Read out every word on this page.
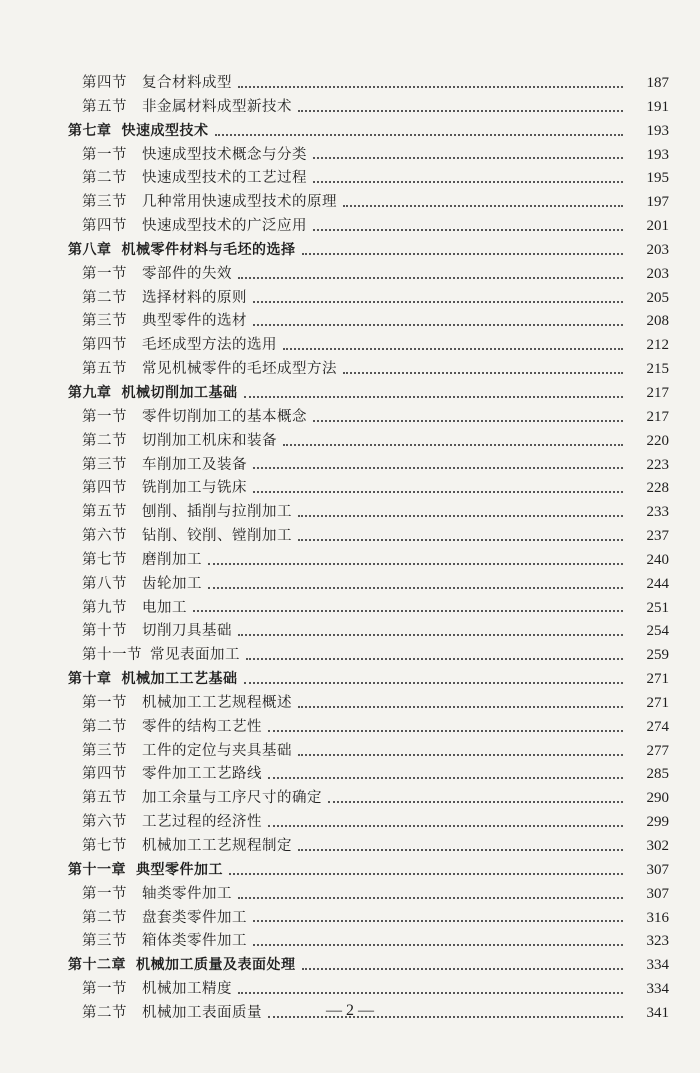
第四节	复合材料成型	187
第五节	非金属材料成型新技术	191
第七章 快速成型技术	193
第一节	快速成型技术概念与分类	193
第二节	快速成型技术的工艺过程	195
第三节	几种常用快速成型技术的原理	197
第四节	快速成型技术的广泛应用	201
第八章 机械零件材料与毛坯的选择	203
第一节	零部件的失效	203
第二节	选择材料的原则	205
第三节	典型零件的选材	208
第四节	毛坯成型方法的选用	212
第五节	常见机械零件的毛坯成型方法	215
第九章 机械切削加工基础	217
第一节	零件切削加工的基本概念	217
第二节	切削加工机床和装备	220
第三节	车削加工及装备	223
第四节	铣削加工与铣床	228
第五节	刨削、插削与拉削加工	233
第六节	钻削、铰削、镗削加工	237
第七节	磨削加工	240
第八节	齿轮加工	244
第九节	电加工	251
第十节	切削刀具基础	254
第十一节 常见表面加工	259
第十章 机械加工工艺基础	271
第一节	机械加工工艺规程概述	271
第二节	零件的结构工艺性	274
第三节	工件的定位与夹具基础	277
第四节	零件加工工艺路线	285
第五节	加工余量与工序尺寸的确定	290
第六节	工艺过程的经济性	299
第七节	机械加工工艺规程制定	302
第十一章 典型零件加工	307
第一节	轴类零件加工	307
第二节	盘套类零件加工	316
第三节	箱体类零件加工	323
第十二章 机械加工质量及表面处理	334
第一节	机械加工精度	334
第二节	机械加工表面质量	341
— 2 —
